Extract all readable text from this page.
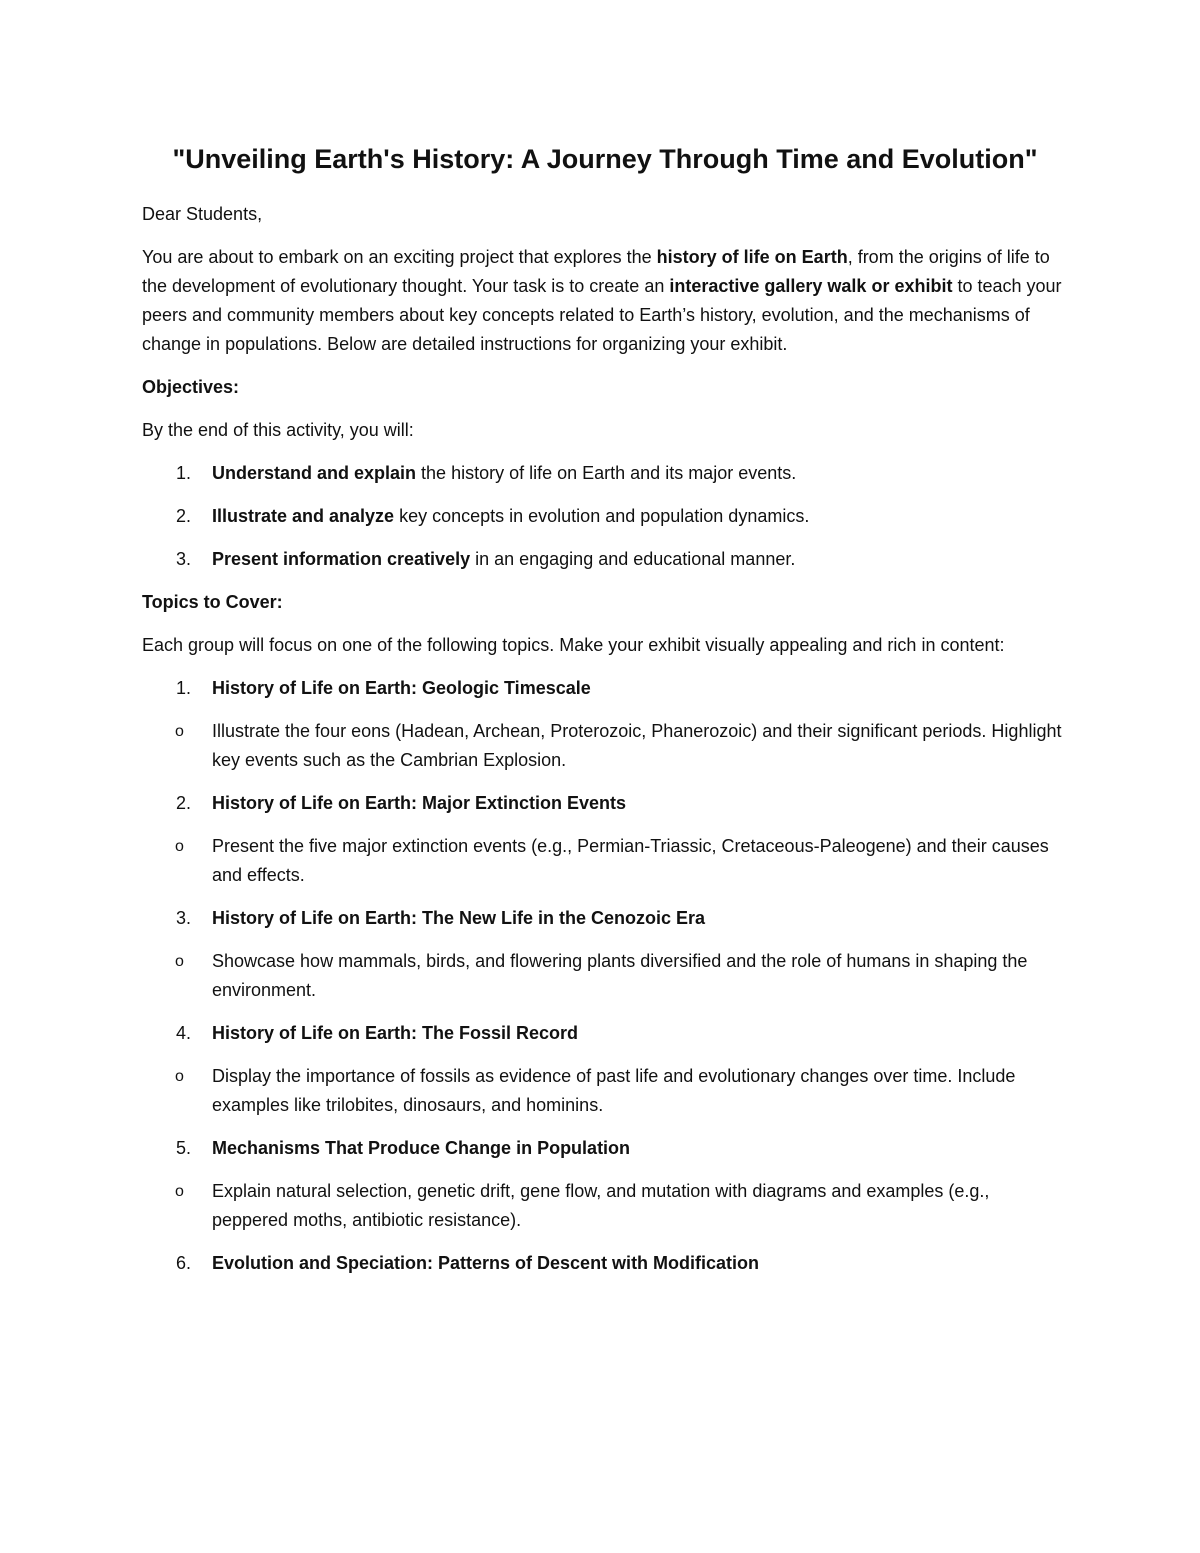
"Unveiling Earth's History: A Journey Through Time and Evolution"

Dear Students,

You are about to embark on an exciting project that explores the history of life on Earth, from the origins of life to the development of evolutionary thought. Your task is to create an interactive gallery walk or exhibit to teach your peers and community members about key concepts related to Earth’s history, evolution, and the mechanisms of change in populations. Below are detailed instructions for organizing your exhibit.

Objectives:

By the end of this activity, you will:

1. Understand and explain the history of life on Earth and its major events.
2. Illustrate and analyze key concepts in evolution and population dynamics.
3. Present information creatively in an engaging and educational manner.
Topics to Cover:

Each group will focus on one of the following topics. Make your exhibit visually appealing and rich in content:

1. History of Life on Earth: Geologic Timescale
o Illustrate the four eons (Hadean, Archean, Proterozoic, Phanerozoic) and their significant periods. Highlight key events such as the Cambrian Explosion.
2. History of Life on Earth: Major Extinction Events
o Present the five major extinction events (e.g., Permian-Triassic, Cretaceous-Paleogene) and their causes and effects.
3. History of Life on Earth: The New Life in the Cenozoic Era
o Showcase how mammals, birds, and flowering plants diversified and the role of humans in shaping the environment.
4. History of Life on Earth: The Fossil Record
o Display the importance of fossils as evidence of past life and evolutionary changes over time. Include examples like trilobites, dinosaurs, and hominins.
5. Mechanisms That Produce Change in Population
o Explain natural selection, genetic drift, gene flow, and mutation with diagrams and examples (e.g., peppered moths, antibiotic resistance).
6. Evolution and Speciation: Patterns of Descent with Modification
